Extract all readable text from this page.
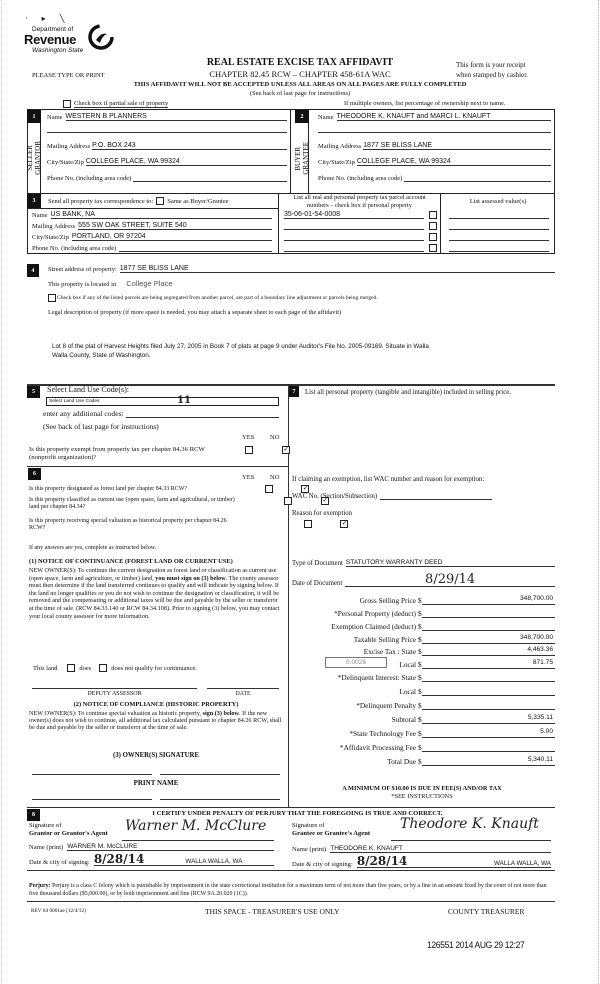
· ▸ ╲
Department of
Revenue
Washington State
REAL ESTATE EXCISE TAX AFFIDAVIT
CHAPTER 82.45 RCW – CHAPTER 458-61A WAC
PLEASE TYPE OR PRINT
This form is your receipt
when stamped by cashier.
THIS AFFIDAVIT WILL NOT BE ACCEPTED UNLESS ALL AREAS ON ALL PAGES ARE FULLY COMPLETED
(See back of last page for instructions)
Check box if partial sale of property	If multiple owners, list percentage of ownership next to name.
1
SELLER
GRANTOR
Name WESTERN B PLANNERS
Mailing Address P.O. BOX 243
City/State/Zip COLLEGE PLACE, WA 99324
Phone No. (including area code)
2
BUYER
GRANTEE
Name THEODORE K. KNAUFT and MARCI L. KNAUFT
Mailing Address 1877 SE BLISS LANE
City/State/Zip COLLEGE PLACE, WA 99324
Phone No. (including area code)
3	Send all property tax correspondence to: Same as Buyer/Grantee
Name US BANK, NA
Mailing Address 555 SW OAK STREET, SUITE 540
City/State/Zip PORTLAND, OR 97204
Phone No. (including area code)
List all real and personal property tax parcel account
numbers – check box if personal property	List assessed value(s)
35-06-01-54-0008
4	Street address of property: 1877 SE BLISS LANE
This property is located in College Place
Check box if any of the listed parcels are being segregated from another parcel, are part of a boundary line adjustment or parcels being merged.
Legal description of property (if more space is needed, you may attach a separate sheet to each page of the affidavit)
Lot 8 of the plat of Harvest Heights filed July 27, 2005 in Book 7 of plats at page 9 under Auditor's File No. 2005-09169. Situate in Walla
Walla County, State of Washington.
5	Select Land Use Code(s):
Select Land Use Codes	11
enter any additional codes:
(See back of last page for instructions)
YES NO
Is this property exempt from property tax per chapter 84.36 RCW (nonprofit organization)?
✓
6	YES NO
Is this property designated as forest land per chapter 84.33 RCW?
✓
Is this property classified as current use (open space, farm and agricultural, or timber) land per chapter 84.34?
✓
Is this property receiving special valuation as historical property per chapter 84.26 RCW?
✓
If any answers are yes, complete as instructed below.
(1) NOTICE OF CONTINUANCE (FOREST LAND OR CURRENT USE)
NEW OWNER(S): To continue the current designation as forest land or classification as current use (open space, farm and agriculture, or timber) land, you must sign on (3) below. The county assessor must then determine if the land transferred continues to qualify and will indicate by signing below. If the land no longer qualifies or you do not wish to continue the designation or classification, it will be removed and the compensating or additional taxes will be due and payable by the seller or transferor at the time of sale. (RCW 84.33.140 or RCW 84.34.108). Prior to signing (3) below, you may contact your local county assessor for more information.
This land	does	does not qualify for continuance.
DEPUTY ASSESSOR	DATE
(2) NOTICE OF COMPLIANCE (HISTORIC PROPERTY)
NEW OWNER(S): To continue special valuation as historic property, sign (3) below. If the new owner(s) does not wish to continue, all additional tax calculated pursuant to chapter 84.26 RCW, shall be due and payable by the seller or transferor at the time of sale.
(3) OWNER(S) SIGNATURE
PRINT NAME
7	List all personal property (tangible and intangible) included in selling price.
If claiming an exemption, list WAC number and reason for exemption:
WAC No. (Section/Subsection)
Reason for exemption
Type of Document STATUTORY WARRANTY DEED
Date of Document	8/29/14
Gross Selling Price $	348,700.00
*Personal Property (deduct) $
Exemption Claimed (deduct) $
Taxable Selling Price $	348,700.00
Excise Tax : State $	4,463.36
0.0026	Local $	871.75
*Delinquent Interest: State $
Local $
*Delinquent Penalty $
Subtotal $	5,335.11
*State Technology Fee $	5.00
*Affidavit Processing Fee $
Total Due $	5,340.11
A MINIMUM OF $10.00 IS DUE IN FEE(S) AND/OR TAX
*SEE INSTRUCTIONS
8	I CERTIFY UNDER PENALTY OF PERJURY THAT THE FOREGOING IS TRUE AND CORRECT.
Signature of
Grantor or Grantor's Agent Warner M. McClure
Name (print) WARNER M. McCLURE
Date & city of signing: 8/28/14	WALLA WALLA, WA
Signature of
Grantee or Grantee's Agent
Theodore K. Knauft
Name (print) THEODORE K. KNAUFT
Date & city of signing: 8/28/14	WALLA WALLA, WA
Perjury: Perjury is a class C felony which is punishable by imprisonment in the state correctional institution for a maximum term of not more than five years, or by a fine in an amount fixed by the court of not more than five thousand dollars ($5,000.00), or by both imprisonment and fine (RCW 9A.20.020 (1C)).
REV 84 0001ae (12/4/12)	THIS SPACE - TREASURER'S USE ONLY	COUNTY TREASURER
126551 2014 AUG 29 12:27
